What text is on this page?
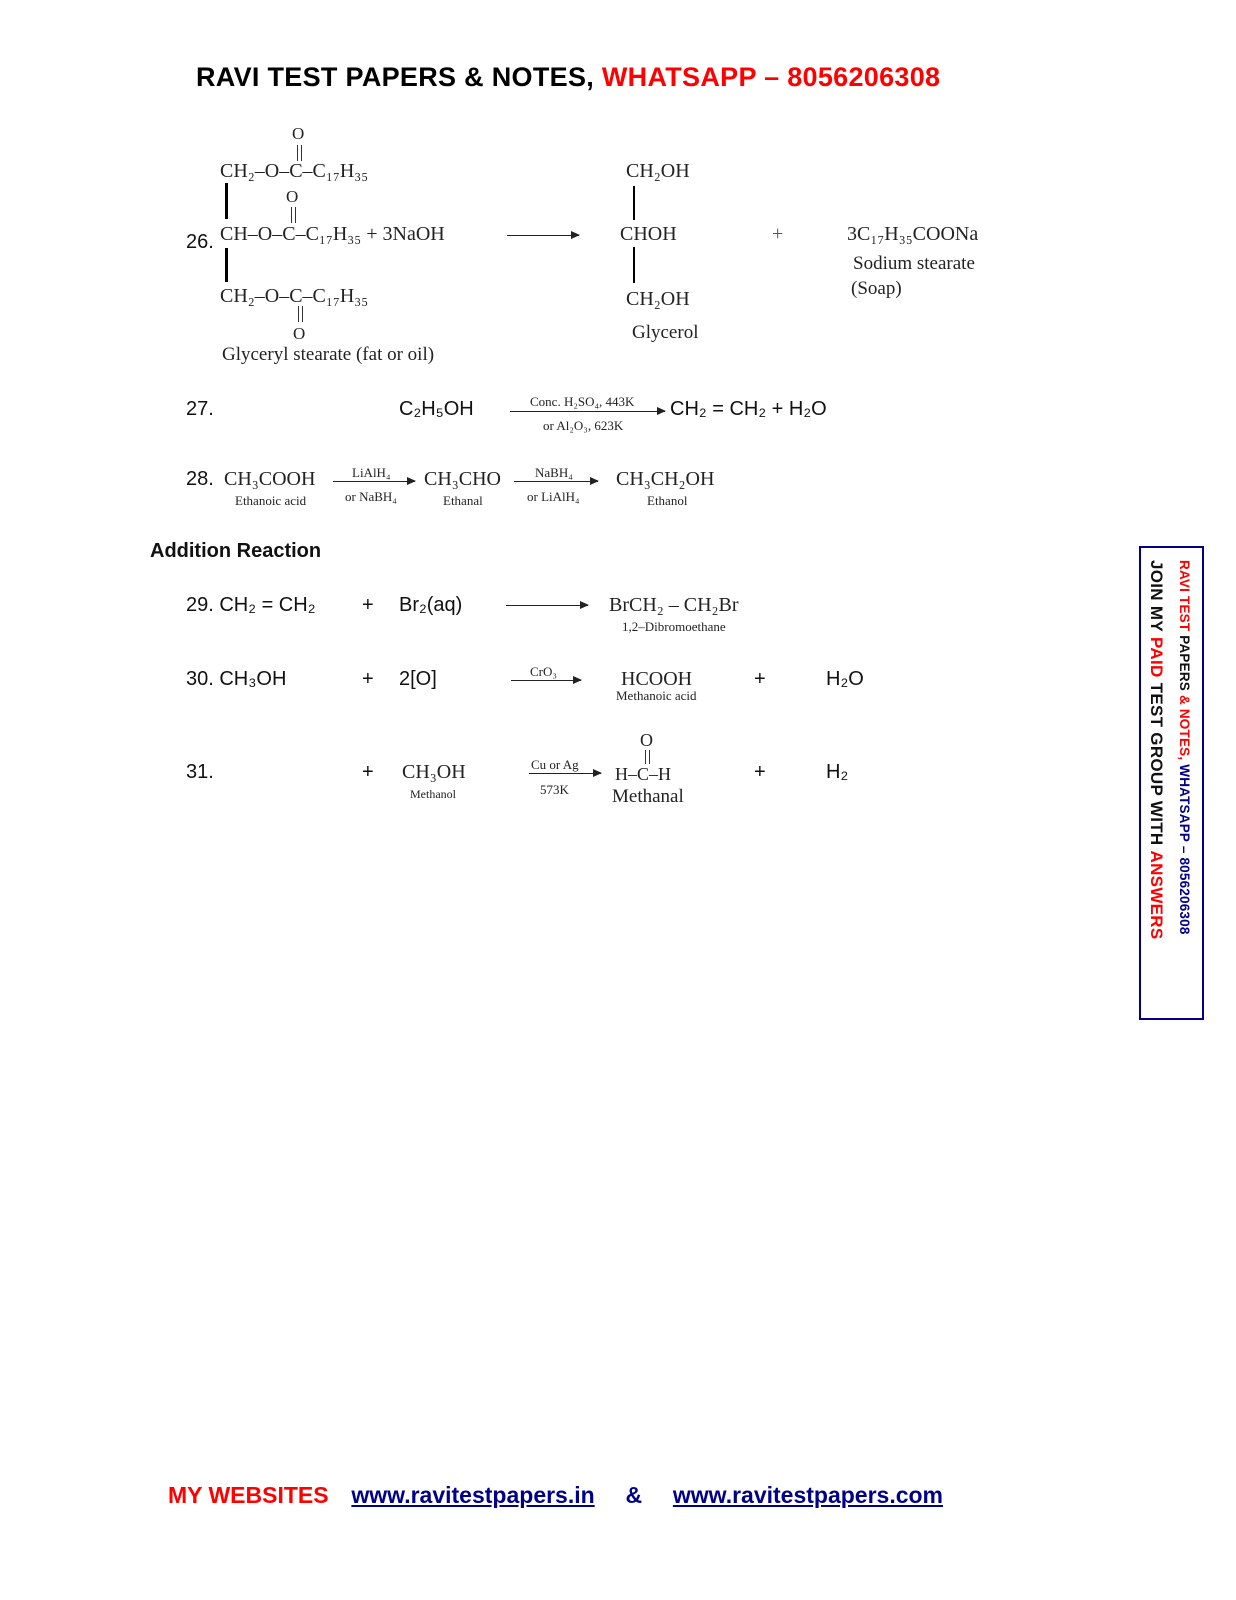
RAVI TEST PAPERS & NOTES, WHATSAPP – 8056206308
26.
O
CH₂–O–C–C₁₇H₃₅
O
CH–O–C–C₁₇H₃₅ + 3NaOH
CH₂–O–C–C₁₇H₃₅
O
Glyceryl stearate (fat or oil)
CH₂OH
CHOH
CH₂OH
Glycerol
+	3C₁₇H₃₅COONa
Sodium stearate
(Soap)
27.	C₂H₅OH	Conc. H₂SO₄, 443K
or Al₂O₃, 623K
CH₂ = CH₂ + H₂O
28. CH₃COOH
Ethanoic acid
LiAlH₄
or NaBH₄
CH₃CHO
Ethanal
NaBH₄
or LiAlH₄
CH₃CH₂OH
Ethanol
Addition Reaction
29. CH₂ = CH₂ + Br₂(aq)	BrCH₂ – CH₂Br
1,2–Dibromoethane
30. CH₃OH	+ 2[O]	CrO₃	HCOOH
Methanoic acid
+	H₂O
31.	+ CH₃OH
Methanol
Cu or Ag
573K
O
H–C–H
Methanal
+	H₂
RAVI TEST PAPERS & NOTES, WHATSAPP – 8056206308
JOIN MY PAID TEST GROUP WITH ANSWERS
MY WEBSITES www.ravitestpapers.in & www.ravitestpapers.com
